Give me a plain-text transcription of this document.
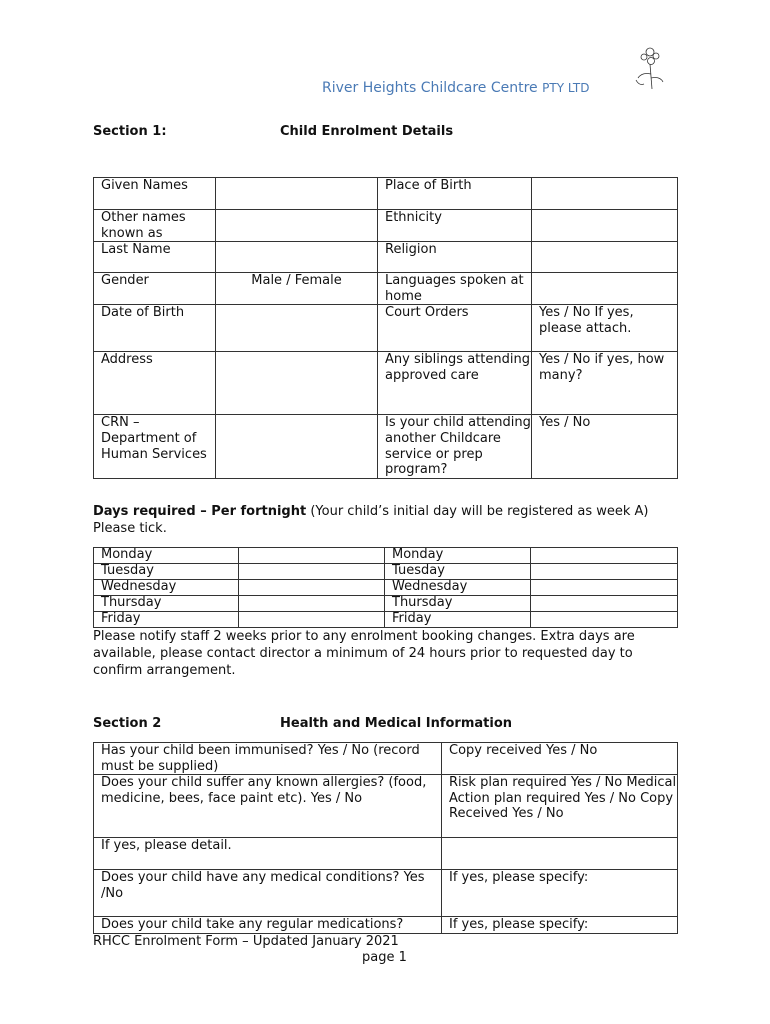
River Heights Childcare Centre PTY LTD
Section 1:	Child Enrolment Details
Given Names		Place of Birth	
Other names known as		Ethnicity	
Last Name		Religion	
Gender	Male / Female	Languages spoken at home	
Date of Birth		Court Orders	Yes / No If yes, please attach.
Address		Any siblings attending approved care	Yes / No if yes, how many?
CRN – Department of Human Services		Is your child attending another Childcare service or prep program?	Yes / No
Days required – Per fortnight (Your child’s initial day will be registered as week A) Please tick.
Monday		Monday	
Tuesday		Tuesday	
Wednesday		Wednesday	
Thursday		Thursday	
Friday		Friday	
Please notify staff 2 weeks prior to any enrolment booking changes. Extra days are available, please contact director a minimum of 24 hours prior to requested day to confirm arrangement.
Section 2	Health and Medical Information
Has your child been immunised? Yes / No (record must be supplied)	Copy received Yes / No
Does your child suffer any known allergies? (food, medicine, bees, face paint etc). Yes / No	Risk plan required Yes / No Medical Action plan required Yes / No Copy Received Yes / No
If yes, please detail.	
Does your child have any medical conditions? Yes /No	If yes, please specify:
Does your child take any regular medications?	If yes, please specify:
RHCC Enrolment Form – Updated January 2021
page 1
